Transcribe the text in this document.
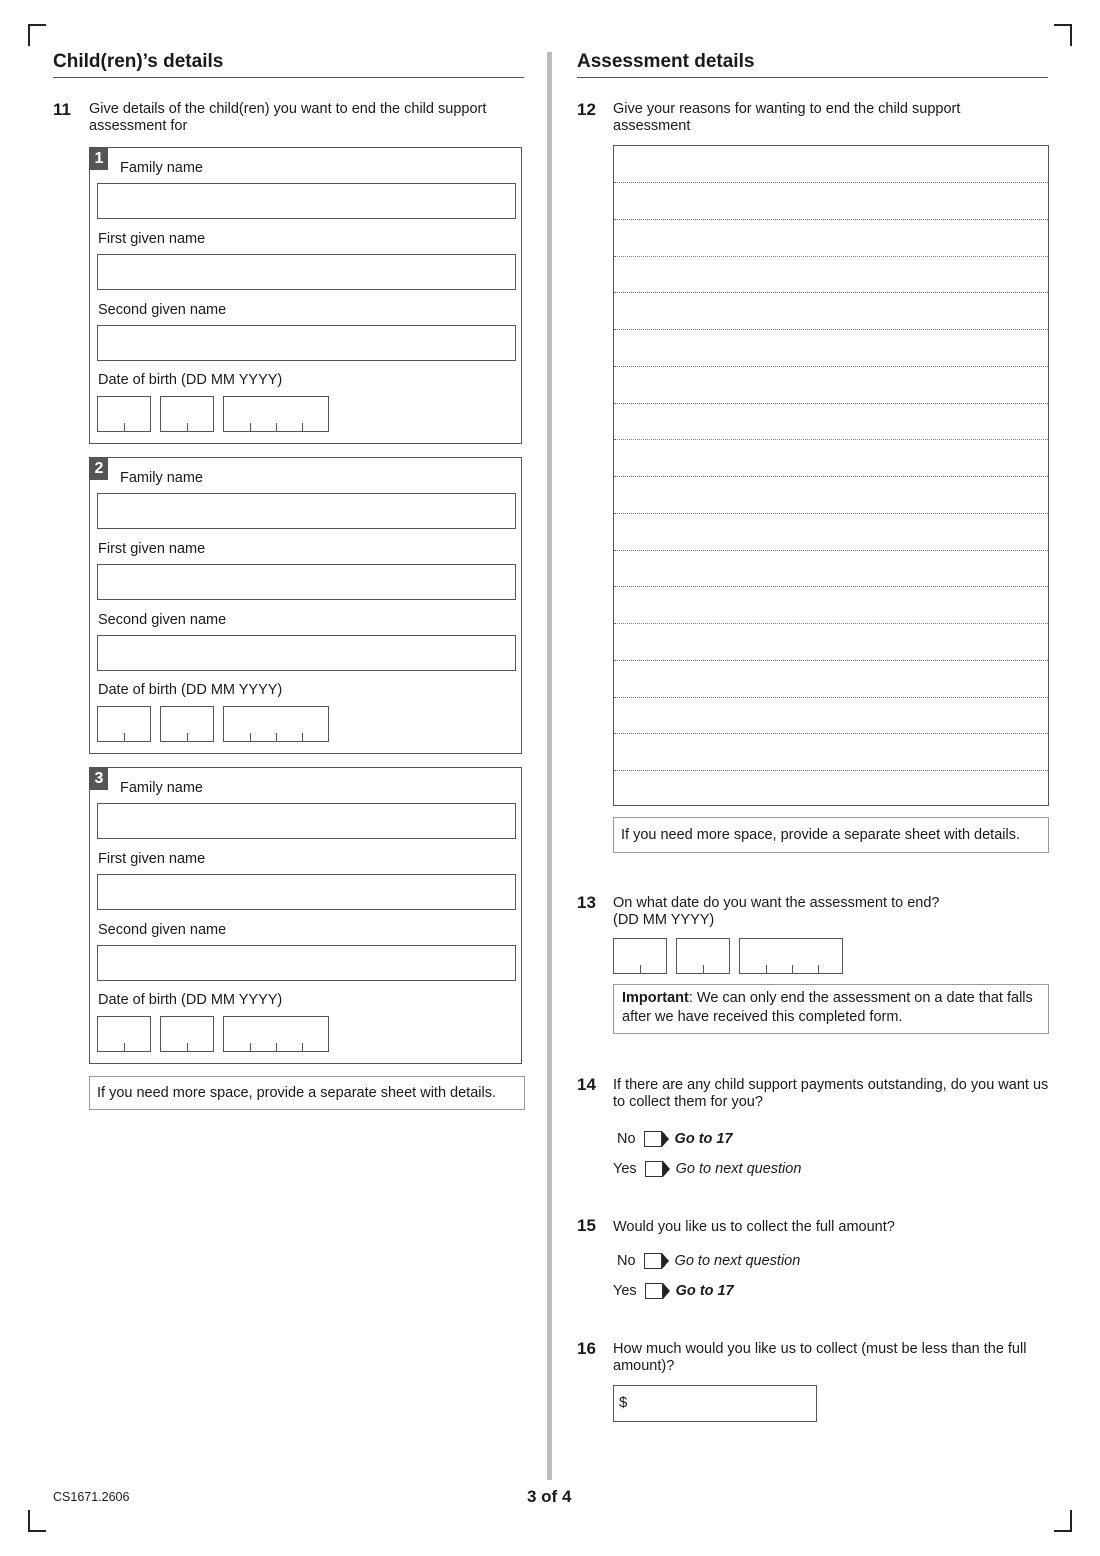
Child(ren)’s details
11 Give details of the child(ren) you want to end the child support assessment for
1
Family name
First given name
Second given name
Date of birth (DD MM YYYY)
2
Family name
First given name
Second given name
Date of birth (DD MM YYYY)
3
Family name
First given name
Second given name
Date of birth (DD MM YYYY)
If you need more space, provide a separate sheet with details.
Assessment details
12 Give your reasons for wanting to end the child support assessment
If you need more space, provide a separate sheet with details.
13 On what date do you want the assessment to end?
(DD MM YYYY)
Important: We can only end the assessment on a date that falls after we have received this completed form.
14 If there are any child support payments outstanding, do you want us to collect them for you?
No	Go to 17
Yes	Go to next question
15 Would you like us to collect the full amount?
No	Go to next question
Yes	Go to 17
16 How much would you like us to collect (must be less than the full amount)?
$
CS1671.2606	3 of 4
